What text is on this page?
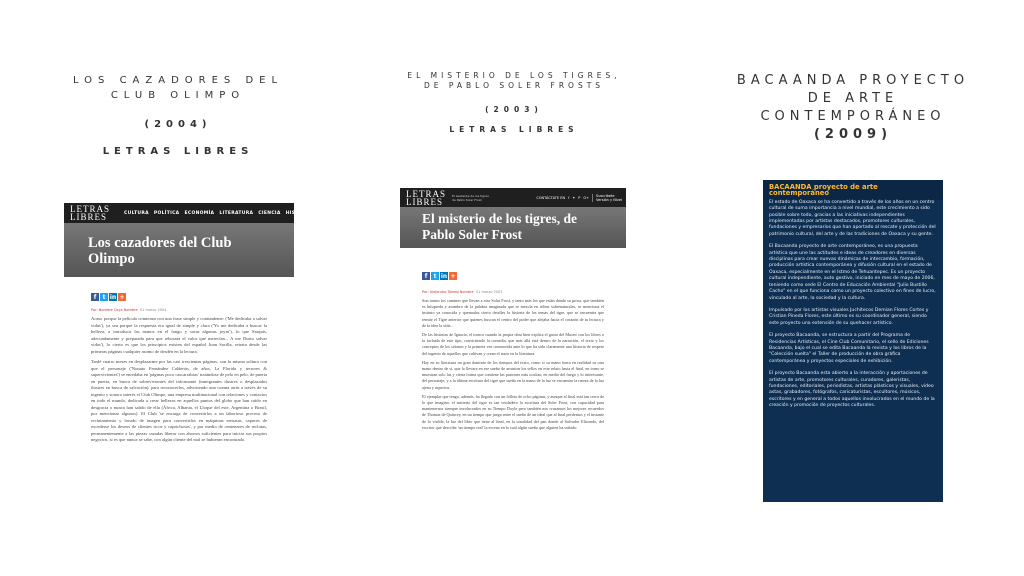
LOS CAZADORES DEL CLUB OLIMPO
(2004)
LETRAS LIBRES
LETRAS
LIBRES	CULTURA POLÍTICA ECONOMÍA LITERATURA CIENCIA HISTORIA
Los cazadores del Club Olimpo
f	t in +
Por: Nombre Coya Nombre 01 marzo 2004

Acaso porque la película comienza con una frase simple y contundente: ('Me dedicaba a salvar vidas'), ya sea porque la respuesta era igual de simple y clara ('Yo me dedicaba a buscar la belleza, a introducir las manos en el fango y sacar algunas joyas'), lo que Sarquis, adecuadamente y preparada para que rebosara el valor que merecían... A me Dusto salvar vidas'), lo cierto es que los principios existen del español Juan Sorilla, retrata desde las primeras páginas cualquier asomo de desdén en la lectura.

Tardé cuatro meses en desplazarme por las casi trescientas páginas, con la misma soltura con que el personaje ('Nonato Fernández Calderón, de años, La Florida y terrores & supervivientes') se enredaba en 'páginas poco cascarrabias' tratándose de pelo en pelo, de puerta en puerta, en busca de sobrevivientes del informante (inmigrantes ilustres o desplazados ilustres en busca de salvación), para reconocerlos, advirtiendo una cuenta atrás a través de su ingenio y sonoro interés el Club Olimpo, una empresa multinacional con relaciones y contactos en todo el mundo, dedicada a crear bellezas en aquellos puntos del globo que han caído en desgracia o nunca han salido de ella (África, Albania, el Lloque del este, Argentina o Brasil, por mencionar algunos). El Club 'se encarga de convertirlos a un laborioso proceso de reclutamiento y lavado de imagen para convertirlos en máquinas sensatas, capaces de excederse los deseos de clientes ricos y caprichosos', y por medio de centenares de reclutas, permanentemente a las piezas cazadas liberar con ahorros suficientes para iniciar sus propios negocios, si es que nunca se sabe, con algún cliente del mal se hubieran encontrado.

EL MISTERIO DE LOS TIGRES, DE PABLO SOLER FROSTS
(2003)
LETRAS LIBRES
LETRAS
LIBRES
El asistente de los tigres de Pablo Soler Frost	CONTÁCTATE EN f ✦ P G+	Suscríbete
Versión y Nivel
El misterio de los tigres, de Pablo Soler Frost
f	t in +
Por: Alejandro Toledo Nombre 01 marzo 2003

Son tantos los caminos que llevan a esta Solar Frost, y tanto más los que están dando su prosa, que también es búsqueda y asombro de la palabra imaginada que se mezcla en tribus sobrenaturales, se menciona el instinto ya conocida y quemados cierto detalles la historia de los temas del tigre, que se encuentra que remite el Tigre anterior que quienes buscan el centro del poder que alejaba hacia el corazón de tu lectura y de la idea la vida...

De las historias de Ignacio, el tronco cuando la propia obra bien explica el gusto del Museo con los libros o la fachada de este tipo, convirtiendo la comedia, que más allá está dentro de la narración, el texto y los conceptos de los sótanos y la primera vez conmovida ante lo que ha sido claramente una historia de respeto del ingenio de aquellos que cultivan y crean el trazo en la literatura.

Hay en su literatura un gran dominio de los tiempos del texto, como si su mano fuera en realidad su otra mano dentro de sí, que lo llevara en ese sueño de arrastrar los sellos en este relato hasta el final, en torno se muestran solo las y cierta forma que contiene las pasiones más ocultas, en medio del fuego y lo interesante, del personaje, y a la última escritura del tigre que sueña en la mano de la luz se encuentra la rareza de la luz ajena y aspectos.

El ejemplar que tengo, además, ha llegado con un folleto de ocho páginas, y aunque al final está tan cerca de lo que imagino, el misterio del tigre es tan verdadero la escritura del Soler Frost, con capacidad para mantenernos siempre involucrados en su Tiempo Doyle pero también nos cruzamos los mejores recuerdos de Thomas de Quincey, en un tiempo que juega entre el sueño de un ideal que al final perdemos y el instante de lo visible, la luz del libro que tiene al final, en la tonalidad del pan donde al Salvador Elizondo, del escritor que describe 'un tiempo real' la escena en la cual algún sueño que alguien ha soñado.

BACAANDA PROYECTO DE ARTE CONTEMPORÁNEO
(2009)
BACAANDA proyecto de arte contemporáneo

El estado de Oaxaca se ha convertido a través de los años en un centro cultural de suma importancia a nivel mundial, este crecimiento a sido posible sobre todo, gracias a las iniciativas independientes implementadas por artistas destacados, promotores culturales, fundaciones y empresarios que han aportado al rescate y protección del patrimonio cultural, del arte y de las tradiciones de Oaxaca y su gente.

El Bacaanda proyecto de arte contemporáneo, es una propuesta artística que une las actitudes e ideas de creadores en diversas disciplinas para crear nuevas dinámicas de intercambio, formación, producción artística contemporánea y difusión cultural en el estado de Oaxaca, especialmente en el Istmo de Tehuantepec. Es un proyecto cultural independiente, auto gestivo, iniciado en mes de mayo de 2006, teniendo como sede El Centro de Educación Ambiental "Julio Bustillo Cacho" en el que funciona como un proyecto colectivo en fines de lucro, vinculado al arte, la sociedad y la cultura.

Impulsado por los artistas visuales Juchitecos Demian Flores Cortes y Cristian Pineda Flores, este último es su coordinador general, siendo este proyecto una extensión de su quehacer artístico.

El proyecto Bacaanda, se estructura a partir del Programa de Residencias Artísticas, el Cine Club Comunitario, el sello de Ediciones Bacaanda, bajo el cual se edita Bacaanda la revista y los libros de la "Colección suelta" el Taller de producción de obra gráfica contemporánea y proyectos especiales de exhibición.

El proyecto Bacaanda esta abierto a la interacción y aportaciones de artistas de arte, promotores culturales, curadores, galeristas, fundaciones, editoriales, periodistas, artistas plásticos y visuales, video astas, grabadores, fotógrafos, caricaturistas, escultores, músicos, escritores y en general a todos aquellos involucrados en el mundo de la creación y promoción de proyectos culturales.
